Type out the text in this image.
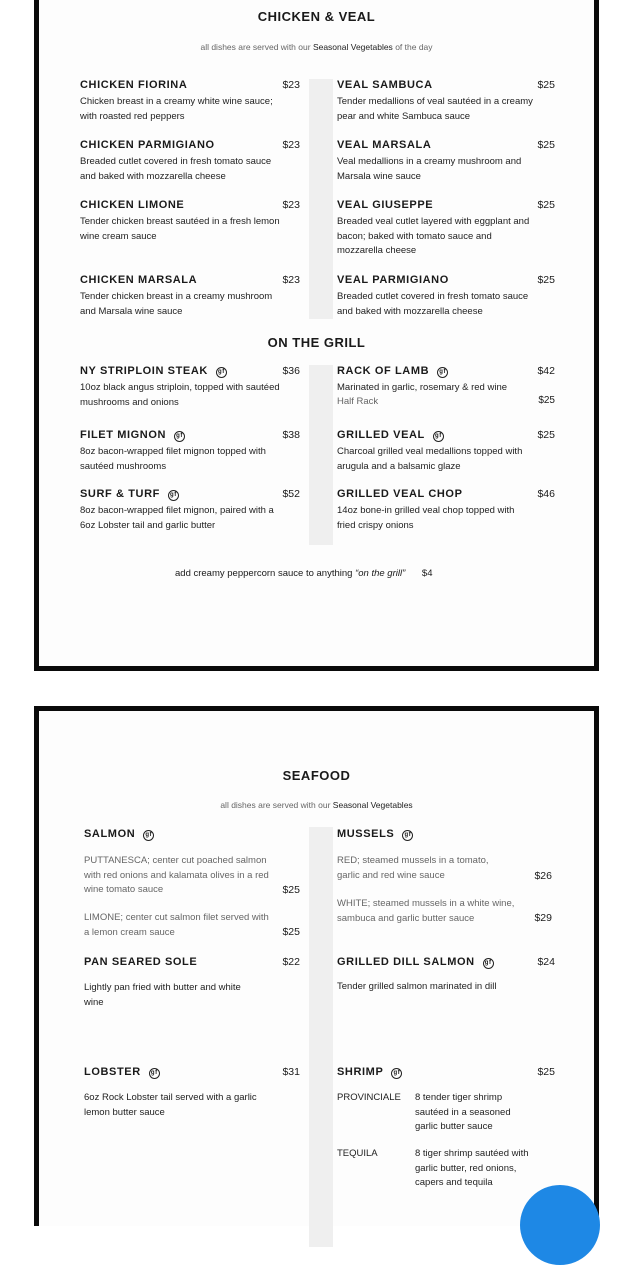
CHICKEN & VEAL
all dishes are served with our Seasonal Vegetables of the day
CHICKEN FIORINA	$23
Chicken breast in a creamy white wine sauce; with roasted red peppers
CHICKEN PARMIGIANO	$23
Breaded cutlet covered in fresh tomato sauce and baked with mozzarella cheese
CHICKEN LIMONE	$23
Tender chicken breast sautéed in a fresh lemon wine cream sauce
CHICKEN MARSALA	$23
Tender chicken breast in a creamy mushroom and Marsala wine sauce
VEAL SAMBUCA	$25
Tender medallions of veal sautéed in a creamy pear and white Sambuca sauce
VEAL MARSALA	$25
Veal medallions in a creamy mushroom and Marsala wine sauce
VEAL GIUSEPPE	$25
Breaded veal cutlet layered with eggplant and bacon; baked with tomato sauce and mozzarella cheese
VEAL PARMIGIANO	$25
Breaded cutlet covered in fresh tomato sauce and baked with mozzarella cheese
ON THE GRILL
NY STRIPLOIN STEAK gf	$36
10oz black angus striploin, topped with sautéed mushrooms and onions
FILET MIGNON gf	$38
8oz bacon-wrapped filet mignon topped with sautéed mushrooms
SURF & TURF gf	$52
8oz bacon-wrapped filet mignon, paired with a 6oz Lobster tail and garlic butter
RACK OF LAMB gf	$42
Marinated in garlic, rosemary & red wine
Half Rack	$25
GRILLED VEAL gf	$25
Charcoal grilled veal medallions topped with arugula and a balsamic glaze
GRILLED VEAL CHOP	$46
14oz bone-in grilled veal chop topped with fried crispy onions
add creamy peppercorn sauce to anything “on the grill” $4
SEAFOOD
all dishes are served with our Seasonal Vegetables
SALMON gf
PUTTANESCA; center cut poached salmon with red onions and kalamata olives in a red wine tomato sauce	$25
LIMONE; center cut salmon filet served with a lemon cream sauce	$25
MUSSELS gf
RED; steamed mussels in a tomato, garlic and red wine sauce	$26
WHITE; steamed mussels in a white wine, sambuca and garlic butter sauce	$29
PAN SEARED SOLE	$22
Lightly pan fried with butter and white wine
GRILLED DILL SALMON gf	$24
Tender grilled salmon marinated in dill
LOBSTER gf	$31
6oz Rock Lobster tail served with a garlic lemon butter sauce
SHRIMP gf	$25
PROVINCIALE 8 tender tiger shrimp sautéed in a seasoned garlic butter sauce
TEQUILA	8 tiger shrimp sautéed with garlic butter, red onions, capers and tequila
